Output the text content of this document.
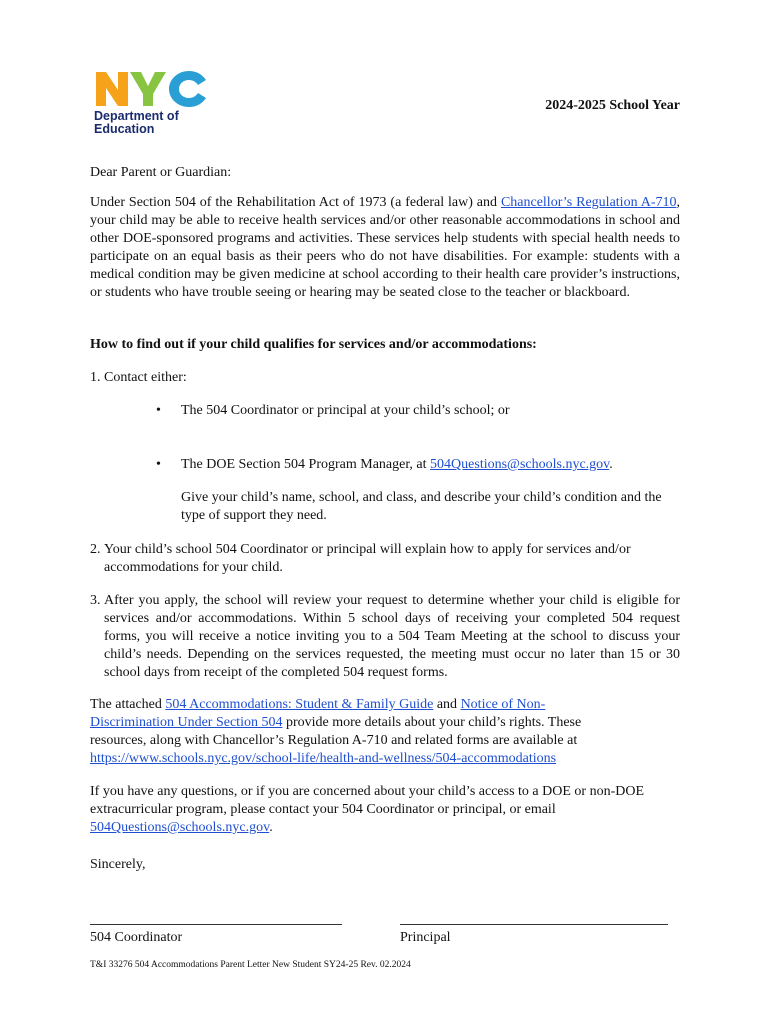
Department of
Education
2024-2025 School Year
Dear Parent or Guardian:
Under Section 504 of the Rehabilitation Act of 1973 (a federal law) and Chancellor’s Regulation A-710, your child may be able to receive health services and/or other reasonable accommodations in school and other DOE-sponsored programs and activities. These services help students with special health needs to participate on an equal basis as their peers who do not have disabilities. For example: students with a medical condition may be given medicine at school according to their health care provider’s instructions, or students who have trouble seeing or hearing may be seated close to the teacher or blackboard.
How to find out if your child qualifies for services and/or accommodations:
1. Contact either:
• The 504 Coordinator or principal at your child’s school; or
• The DOE Section 504 Program Manager, at 504Questions@schools.nyc.gov.
Give your child’s name, school, and class, and describe your child’s condition and the type of support they need.
2. Your child’s school 504 Coordinator or principal will explain how to apply for services and/or accommodations for your child.
3. After you apply, the school will review your request to determine whether your child is eligible for services and/or accommodations. Within 5 school days of receiving your completed 504 request forms, you will receive a notice inviting you to a 504 Team Meeting at the school to discuss your child’s needs. Depending on the services requested, the meeting must occur no later than 15 or 30 school days from receipt of the completed 504 request forms.
The attached 504 Accommodations: Student & Family Guide and Notice of Non-Discrimination Under Section 504 provide more details about your child’s rights. These resources, along with Chancellor’s Regulation A-710 and related forms are available at https://www.schools.nyc.gov/school-life/health-and-wellness/504-accommodations
If you have any questions, or if you are concerned about your child’s access to a DOE or non-DOE extracurricular program, please contact your 504 Coordinator or principal, or email 504Questions@schools.nyc.gov.
Sincerely,
504 Coordinator	Principal
T&I 33276 504 Accommodations Parent Letter New Student SY24-25 Rev. 02.2024
